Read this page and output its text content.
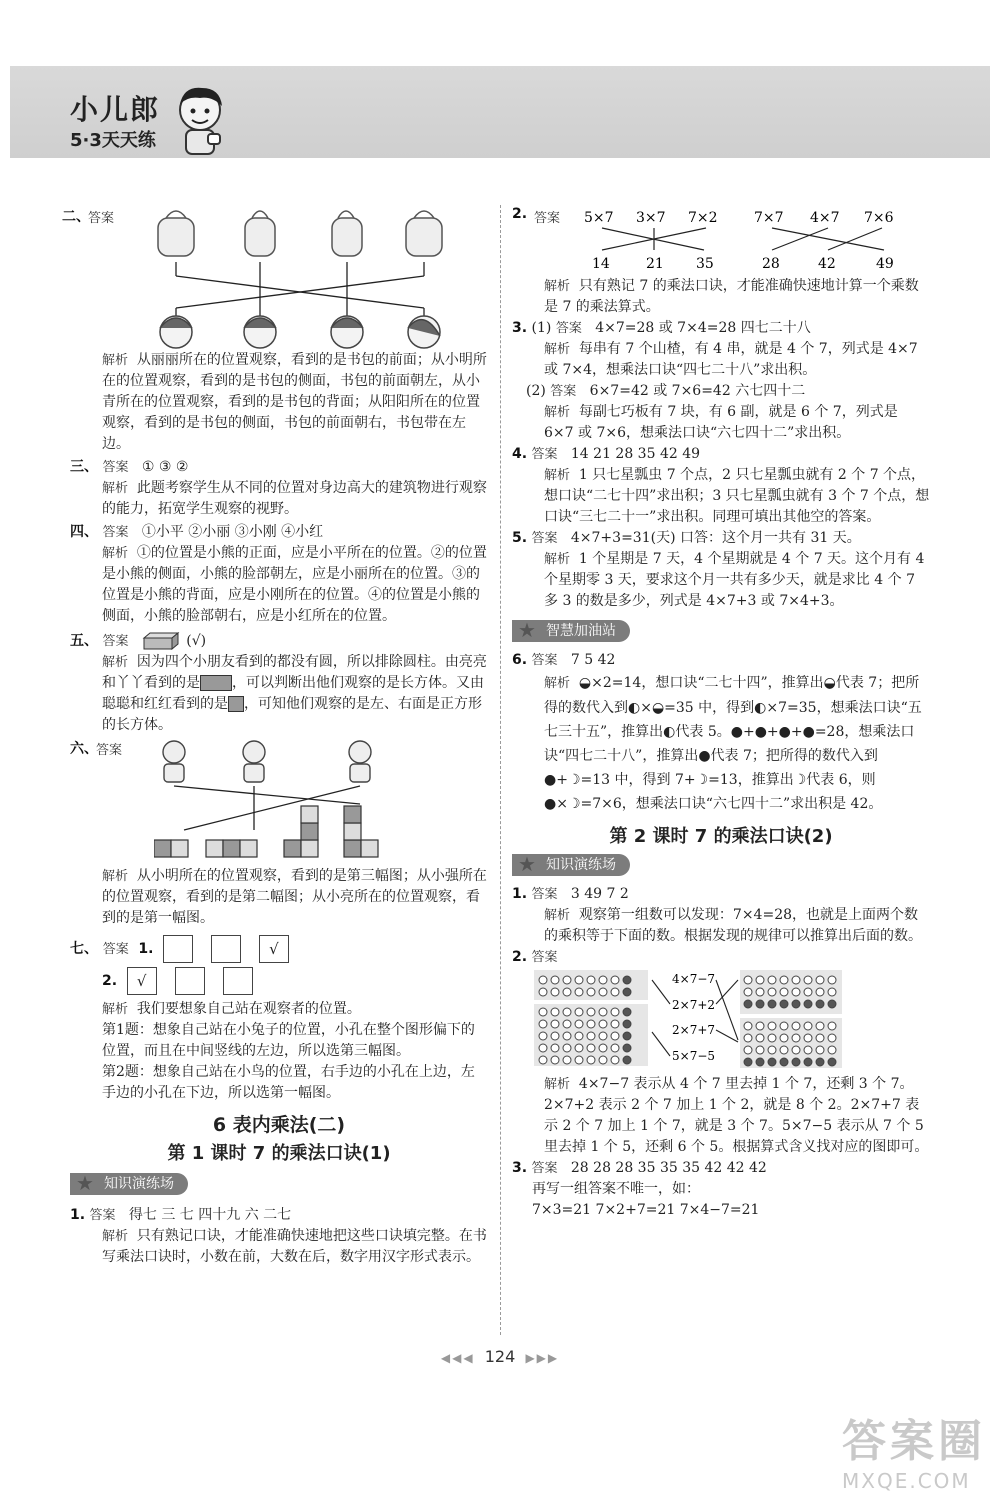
小儿郎
5·3天天练
二、
答案

解析 从丽丽所在的位置观察，看到的是书包的前面；从小明所在的位置观察，看到的是书包的侧面，书包的前面朝左，从小青所在的位置观察，看到的是书包的背面；从阳阳所在的位置观察，看到的是书包的侧面，书包的前面朝右，书包带在左边。

三、 答案 ① ③ ②

解析 此题考察学生从不同的位置对身边高大的建筑物进行观察的能力，拓宽学生观察的视野。

四、 答案 ①小平 ②小丽 ③小刚 ④小红

解析 ①的位置是小熊的正面，应是小平所在的位置。②的位置是小熊的侧面，小熊的脸部朝左，应是小丽所在的位置。③的位置是小熊的背面，应是小刚所在的位置。④的位置是小熊的侧面，小熊的脸部朝右，应是小红所在的位置。

五、 答案	(√)

解析 因为四个小朋友看到的都没有圆，所以排除圆柱。由亮亮和丫丫看到的是 ，可以判断出他们观察的是长方体。又由聪聪和红红看到的是 ，可知他们观察的是左、右面是正方形的长方体。

六、
答案

解析 从小明所在的位置观察，看到的是第三幅图；从小强所在的位置观察，看到的是第二幅图；从小亮所在的位置观察，看到的是第一幅图。

七、 答案 1.	√
2. √

解析 我们要想象自己站在观察者的位置。
第1题：想象自己站在小兔子的位置，小孔在整个图形偏下的位置，而且在中间竖线的左边，所以选第三幅图。
第2题：想象自己站在小鸟的位置，右手边的小孔在上边，左手边的小孔在下边，所以选第一幅图。

6 表内乘法(二)
第 1 课时 7 的乘法口诀(1)
★ 知识演练场

1. 答案 得七 三 七 四十九 六 二七

解析 只有熟记口诀，才能准确快速地把这些口诀填完整。在书写乘法口诀时，小数在前，大数在后，数字用汉字形式表示。

2. 答案 5×7 3×7 7×2	7×7 4×7 7×6
14	21 35	28	42	49

解析 只有熟记 7 的乘法口诀，才能准确快速地计算一个乘数是 7 的乘法算式。

3. (1) 答案 4×7=28 或 7×4=28 四七二十八

解析 每串有 7 个山楂，有 4 串，就是 4 个 7，列式是 4×7 或 7×4，想乘法口诀“四七二十八”求出积。

(2) 答案 6×7=42 或 7×6=42 六七四十二

解析 每副七巧板有 7 块，有 6 副，就是 6 个 7，列式是 6×7 或 7×6，想乘法口诀“六七四十二”求出积。

4. 答案 14 21 28 35 42 49

解析 1 只七星瓢虫 7 个点，2 只七星瓢虫就有 2 个 7 个点，想口诀“二七十四”求出积；3 只七星瓢虫就有 3 个 7 个点，想口诀“三七二十一”求出积。同理可填出其他空的答案。

5. 答案 4×7+3=31(天) 口答：这个月一共有 31 天。

解析 1 个星期是 7 天，4 个星期就是 4 个 7 天。这个月有 4 个星期零 3 天，要求这个月一共有多少天，就是求比 4 个 7 多 3 的数是多少，列式是 4×7+3 或 7×4+3。

★ 智慧加油站

6. 答案 7 5 42

解析 ◒×2=14，想口诀“二七十四”，推算出◒代表 7；把所得的数代入到◐×◒=35 中，得到◐×7=35，想乘法口诀“五七三十五”，推算出◐代表 5。●+●+●+●=28，想乘法口诀“四七二十八”，推算出●代表 7；把所得的数代入到●+☽=13 中，得到 7+☽=13，推算出☽代表 6，则●×☽=7×6，想乘法口诀“六七四十二”求出积是 42。

第 2 课时 7 的乘法口诀(2)
★ 知识演练场

1. 答案 3 49 7 2

解析 观察第一组数可以发现：7×4=28，也就是上面两个数的乘积等于下面的数。根据发现的规律可以推算出后面的数。

2. 答案

4×7−7
2×7+2
2×7+7
5×7−5

解析 4×7−7 表示从 4 个 7 里去掉 1 个 7，还剩 3 个 7。2×7+2 表示 2 个 7 加上 1 个 2，就是 8 个 2。2×7+7 表示 2 个 7 加上 1 个 7，就是 3 个 7。5×7−5 表示从 7 个 5 里去掉 1 个 5，还剩 6 个 5。根据算式含义找对应的图即可。

3. 答案 28 28 28 35 35 35 42 42 42

再写一组答案不唯一，如：

7×3=21 7×2+7=21 7×4−7=21

◀◀◀ 124 ▶▶▶
答案圈
MXQE.COM
